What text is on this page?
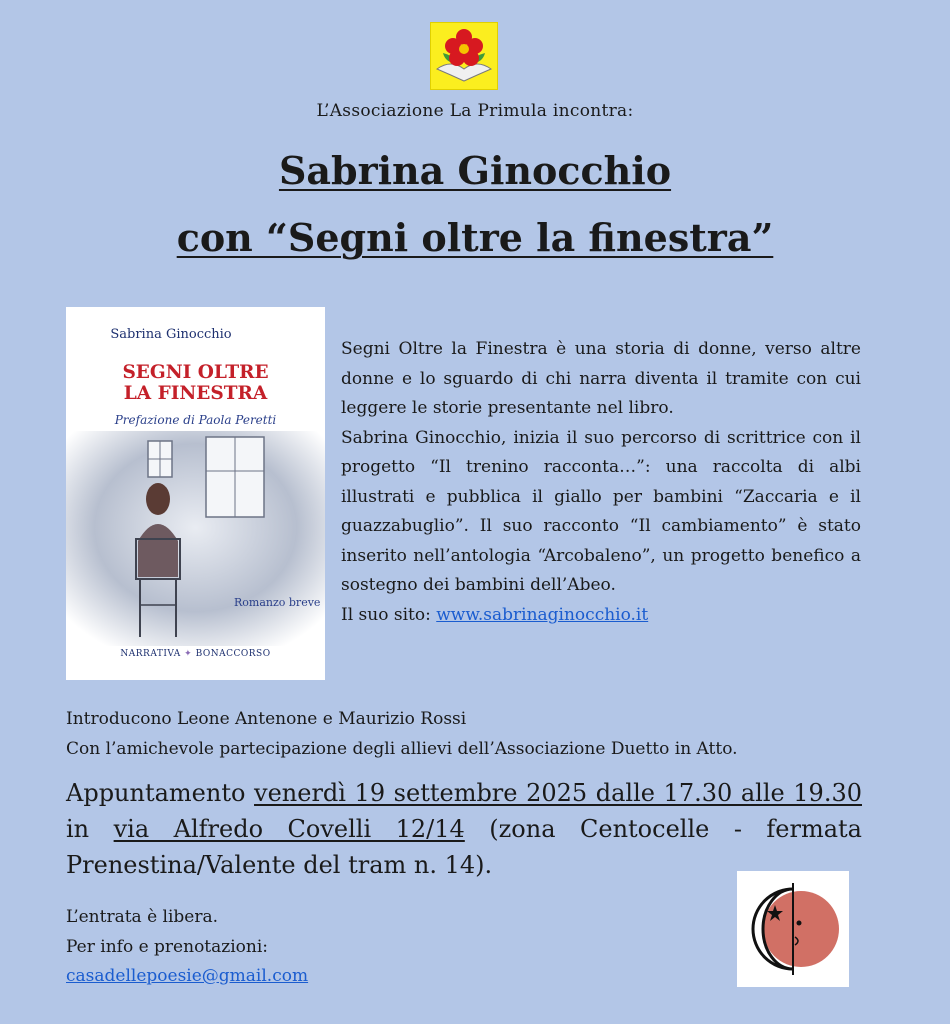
L’Associazione La Primula incontra:
Sabrina Ginocchio
con “Segni oltre la finestra”
Sabrina Ginocchio
SEGNI OLTRE
LA FINESTRA
Prefazione di Paola Peretti
Romanzo breve
NARRATIVA ✦ BONACCORSO

Segni Oltre la Finestra è una storia di donne, verso altre donne e lo sguardo di chi narra diventa il tramite con cui leggere le storie presentante nel libro.

Sabrina Ginocchio, inizia il suo percorso di scrittrice con il progetto “Il trenino racconta…”: una raccolta di albi illustrati e pubblica il giallo per bambini “Zaccaria e il guazzabuglio”. Il suo racconto “Il cambiamento” è stato inserito nell’antologia “Arcobaleno”, un progetto benefico a sostegno dei bambini dell’Abeo.

Il suo sito: www.sabrinaginocchio.it

Introducono Leone Antenone e Maurizio Rossi
Con l’amichevole partecipazione degli allievi dell’Associazione Duetto in Atto.
Appuntamento venerdì 19 settembre 2025 dalle 17.30 alle 19.30 in via Alfredo Covelli 12/14 (zona Centocelle - fermata Prenestina/Valente del tram n. 14).
L’entrata è libera.
Per info e prenotazioni:
casadellepoesie@gmail.com
